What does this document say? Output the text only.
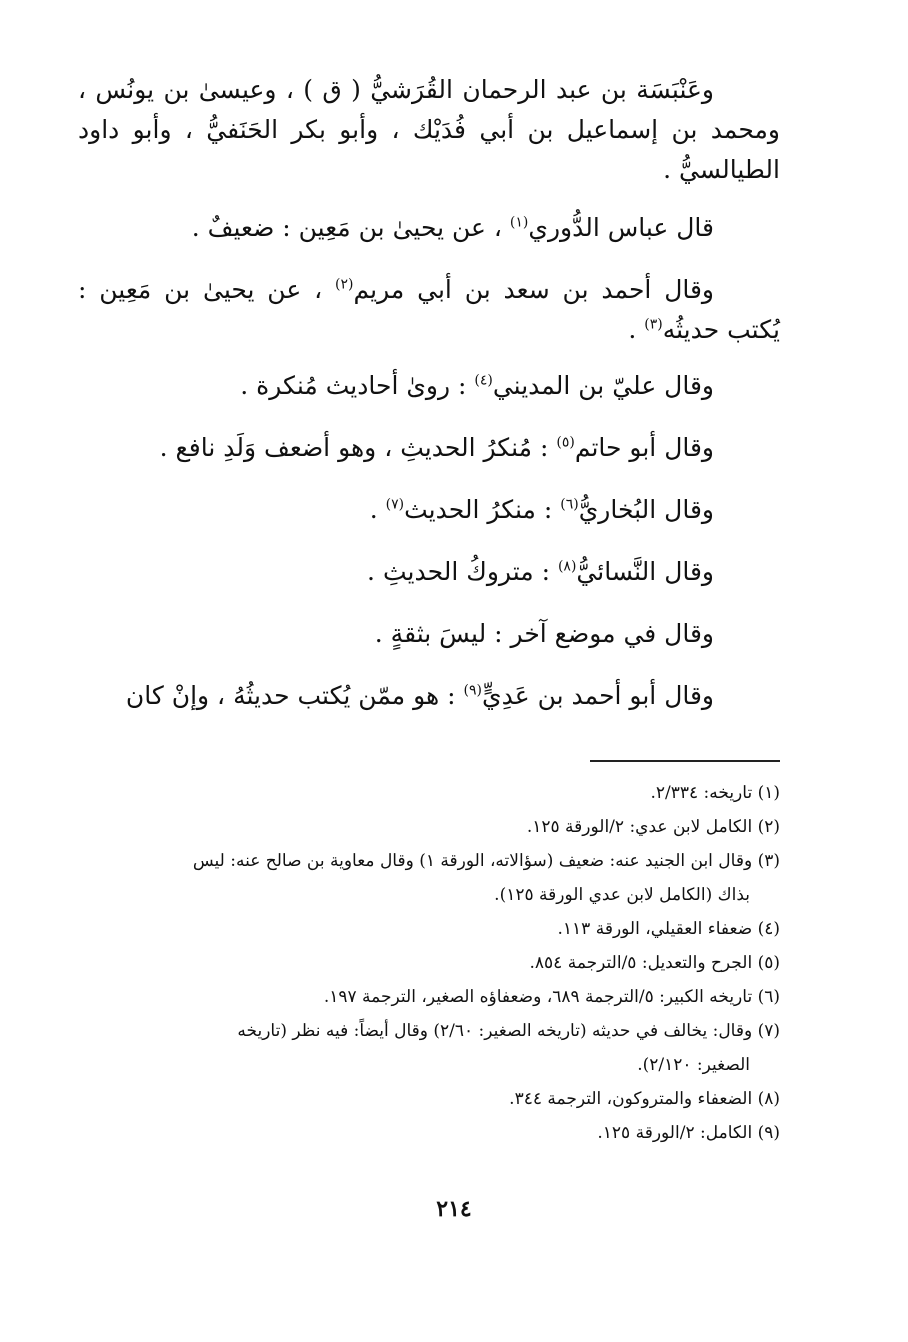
وعَنْبَسَة بن عبد الرحمان القُرَشيُّ ( ق ) ، وعيسىٰ بن يونُس ، ومحمد بن إسماعيل بن أبي فُدَيْك ، وأبو بكر الحَنَفيُّ ، وأبو داود الطيالسيُّ .

قال عباس الدُّوري$^{(١)}$ ، عن يحيىٰ بن مَعِين : ضعيفٌ .

وقال أحمد بن سعد بن أبي مريم$^{(٢)}$ ، عن يحيىٰ بن مَعِين : يُكتب حديثُه$^{(٣)}$ .

وقال عليّ بن المديني$^{(٤)}$ : روىٰ أحاديث مُنكرة .

وقال أبو حاتم$^{(٥)}$ : مُنكرُ الحديثِ ، وهو أضعف وَلَدِ نافع .

وقال البُخاريُّ$^{(٦)}$ : منكرُ الحديث$^{(٧)}$ .

وقال النَّسائيُّ$^{(٨)}$ : متروكُ الحديثِ .

وقال في موضع آخر : ليسَ بثقةٍ .

وقال أبو أحمد بن عَدِيٍّ$^{(٩)}$ : هو ممّن يُكتب حديثُهُ ، وإنْ كان

(١) تاريخه: ٢/٣٣٤.

(٢) الكامل لابن عدي: ٢/الورقة ١٢٥.

(٣) وقال ابن الجنيد عنه: ضعيف (سؤالاته، الورقة ١) وقال معاوية بن صالح عنه: ليس

بذاك (الكامل لابن عدي الورقة ١٢٥).

(٤) ضعفاء العقيلي، الورقة ١١٣.

(٥) الجرح والتعديل: ٥/الترجمة ٨٥٤.

(٦) تاريخه الكبير: ٥/الترجمة ٦٨٩، وضعفاؤه الصغير، الترجمة ١٩٧.

(٧) وقال: يخالف في حديثه (تاريخه الصغير: ٢/٦٠) وقال أيضاً: فيه نظر (تاريخه

الصغير: ٢/١٢٠).

(٨) الضعفاء والمتروكون، الترجمة ٣٤٤.

(٩) الكامل: ٢/الورقة ١٢٥.

٢١٤
